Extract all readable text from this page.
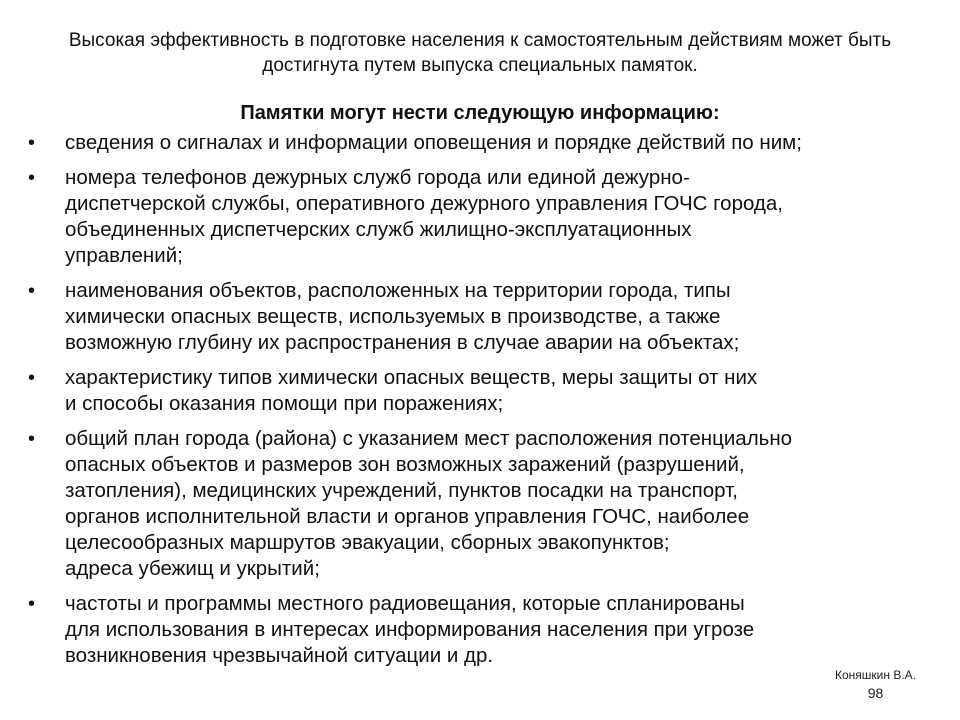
Высокая эффективность в подготовке населения к самостоятельным действиям может быть
достигнута путем выпуска специальных памяток.
Памятки могут нести следующую информацию:
• сведения о сигналах и информации оповещения и порядке действий по ним;
• номера телефонов дежурных служб города или единой дежурно-
диспетчерской службы, оперативного дежурного управления ГОЧС города,
объединенных диспетчерских служб жилищно-эксплуатационных
управлений;
• наименования объектов, расположенных на территории города, типы
химически опасных веществ, используемых в производстве, а также
возможную глубину их распространения в случае аварии на объектах;
• характеристику типов химически опасных веществ, меры защиты от них
и способы оказания помощи при поражениях;
• общий план города (района) с указанием мест расположения потенциально
опасных объектов и размеров зон возможных заражений (разрушений,
затопления), медицинских учреждений, пунктов посадки на транспорт,
органов исполнительной власти и органов управления ГОЧС, наиболее
целесообразных маршрутов эвакуации, сборных эвакопунктов;
адреса убежищ и укрытий;
• частоты и программы местного радиовещания, которые спланированы
для использования в интересах информирования населения при угрозе
возникновения чрезвычайной ситуации и др.
Коняшкин В.А.
98
